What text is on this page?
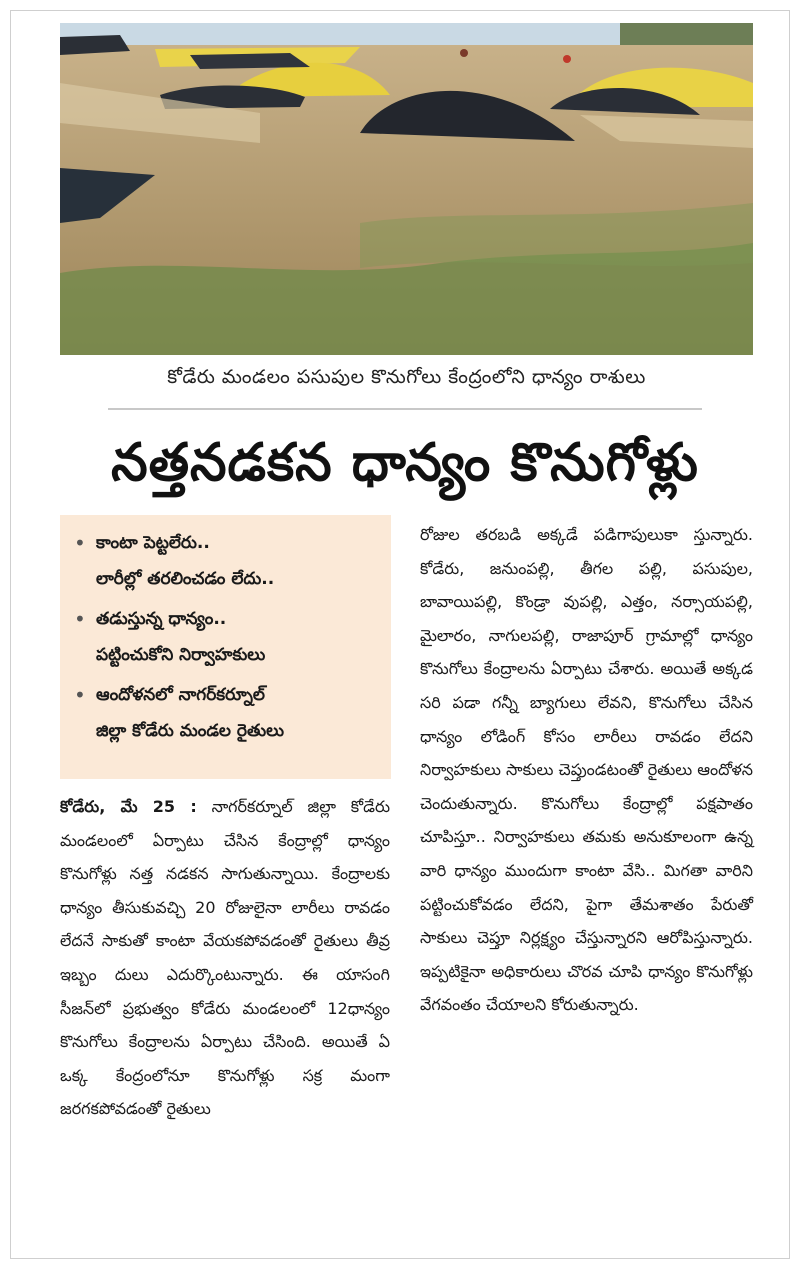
కోడేరు మండలం పసుపుల కొనుగోలు కేంద్రంలోని ధాన్యం రాశులు
నత్తనడకన ధాన్యం కొనుగోళ్లు
• కాంటా పెట్టలేరు..
లారీల్లో తరలించడం లేదు..
• తడుస్తున్న ధాన్యం..
పట్టించుకోని నిర్వాహకులు
• ఆందోళనలో నాగర్‌కర్నూల్
జిల్లా కోడేరు మండల రైతులు
కోడేరు, మే 25 : నాగర్‌కర్నూల్ జిల్లా కోడేరు మండలంలో ఏర్పాటు చేసిన కేంద్రాల్లో ధాన్యం కొనుగోళ్లు నత్త నడకన సాగుతున్నాయి. కేంద్రాలకు ధాన్యం తీసుకువచ్చి 20 రోజులైనా లారీలు రావడం లేదనే సాకుతో కాంటా వేయకపోవడంతో రైతులు తీవ్ర ఇబ్బం దులు ఎదుర్కొంటున్నారు. ఈ యాసంగి సీజన్‌లో ప్రభుత్వం కోడేరు మండలంలో 12ధాన్యం కొనుగోలు కేంద్రాలను ఏర్పాటు చేసింది. అయితే ఏ ఒక్క కేంద్రంలోనూ కొనుగోళ్లు సక్ర మంగా జరగకపోవడంతో రైతులు
రోజుల తరబడి అక్కడే పడిగాపులుకా స్తున్నారు. కోడేరు, జనుంపల్లి, తీగల పల్లి, పసుపుల, బావాయిపల్లి, కొండ్రా వుపల్లి, ఎత్తం, నర్సాయపల్లి, మైలారం, నాగులపల్లి, రాజాపూర్ గ్రామాల్లో ధాన్యం కొనుగోలు కేంద్రాలను ఏర్పాటు చేశారు. అయితే అక్కడ సరి పడా గన్నీ బ్యాగులు లేవని, కొనుగోలు చేసిన ధాన్యం లోడింగ్ కోసం లారీలు రావడం లేదని నిర్వాహకులు సాకులు చెప్తుండటంతో రైతులు ఆందోళన చెందుతున్నారు. కొనుగోలు కేంద్రాల్లో పక్షపాతం చూపిస్తూ.. నిర్వాహకులు తమకు అనుకూలంగా ఉన్న వారి ధాన్యం ముందుగా కాంటా వేసి.. మిగతా వారిని పట్టించుకోవడం లేదని, పైగా తేమశాతం పేరుతో సాకులు చెప్తూ నిర్లక్ష్యం చేస్తున్నారని ఆరోపిస్తున్నారు. ఇప్పటికైనా అధికారులు చొరవ చూపి ధాన్యం కొనుగోళ్లు వేగవంతం చేయాలని కోరుతున్నారు.
